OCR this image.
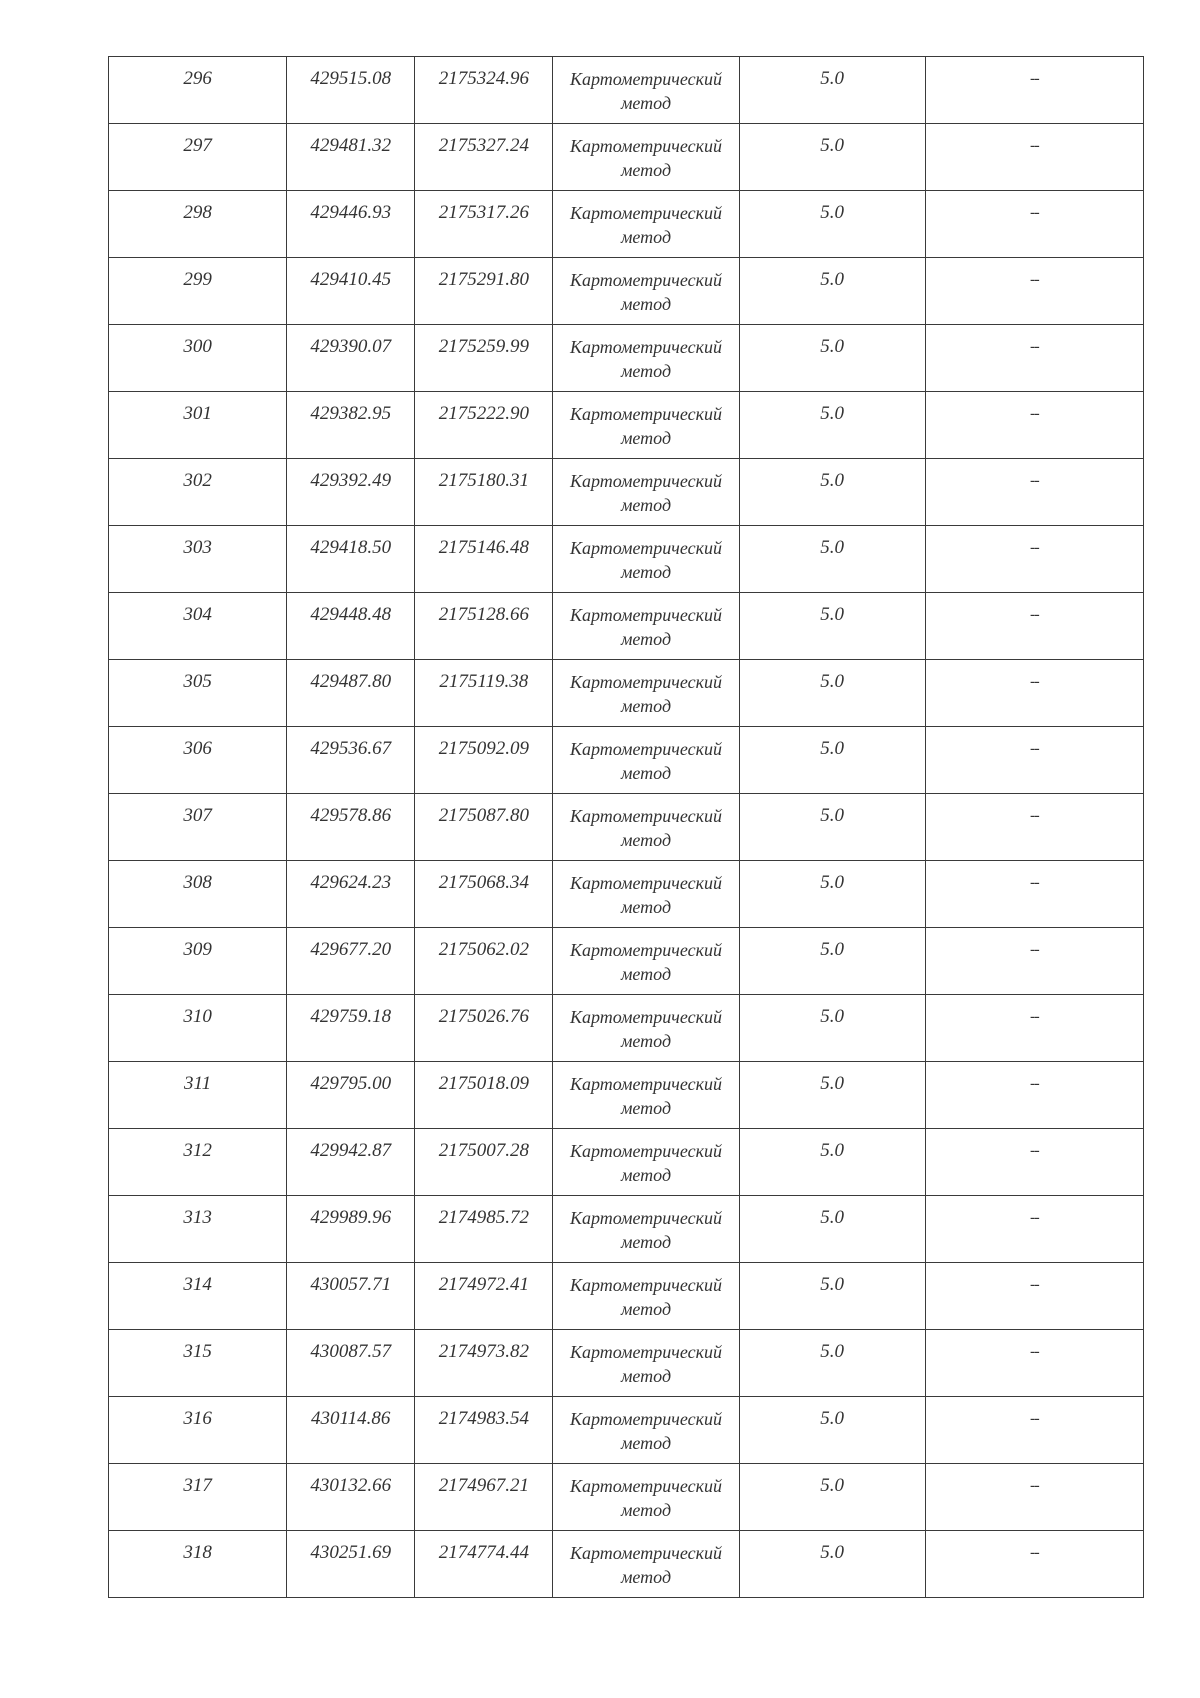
296	429515.08	2175324.96	Картометрический
метод	5.0	--

297	429481.32	2175327.24	Картометрический
метод	5.0	--

298	429446.93	2175317.26	Картометрический
метод	5.0	--

299	429410.45	2175291.80	Картометрический
метод	5.0	--

300	429390.07	2175259.99	Картометрический
метод	5.0	--

301	429382.95	2175222.90	Картометрический
метод	5.0	--

302	429392.49	2175180.31	Картометрический
метод	5.0	--

303	429418.50	2175146.48	Картометрический
метод	5.0	--

304	429448.48	2175128.66	Картометрический
метод	5.0	--

305	429487.80	2175119.38	Картометрический
метод	5.0	--

306	429536.67	2175092.09	Картометрический
метод	5.0	--

307	429578.86	2175087.80	Картометрический
метод	5.0	--

308	429624.23	2175068.34	Картометрический
метод	5.0	--

309	429677.20	2175062.02	Картометрический
метод	5.0	--

310	429759.18	2175026.76	Картометрический
метод	5.0	--

311	429795.00	2175018.09	Картометрический
метод	5.0	--

312	429942.87	2175007.28	Картометрический
метод	5.0	--

313	429989.96	2174985.72	Картометрический
метод	5.0	--

314	430057.71	2174972.41	Картометрический
метод	5.0	--

315	430087.57	2174973.82	Картометрический
метод	5.0	--

316	430114.86	2174983.54	Картометрический
метод	5.0	--

317	430132.66	2174967.21	Картометрический
метод	5.0	--

318	430251.69	2174774.44	Картометрический
метод	5.0	--
